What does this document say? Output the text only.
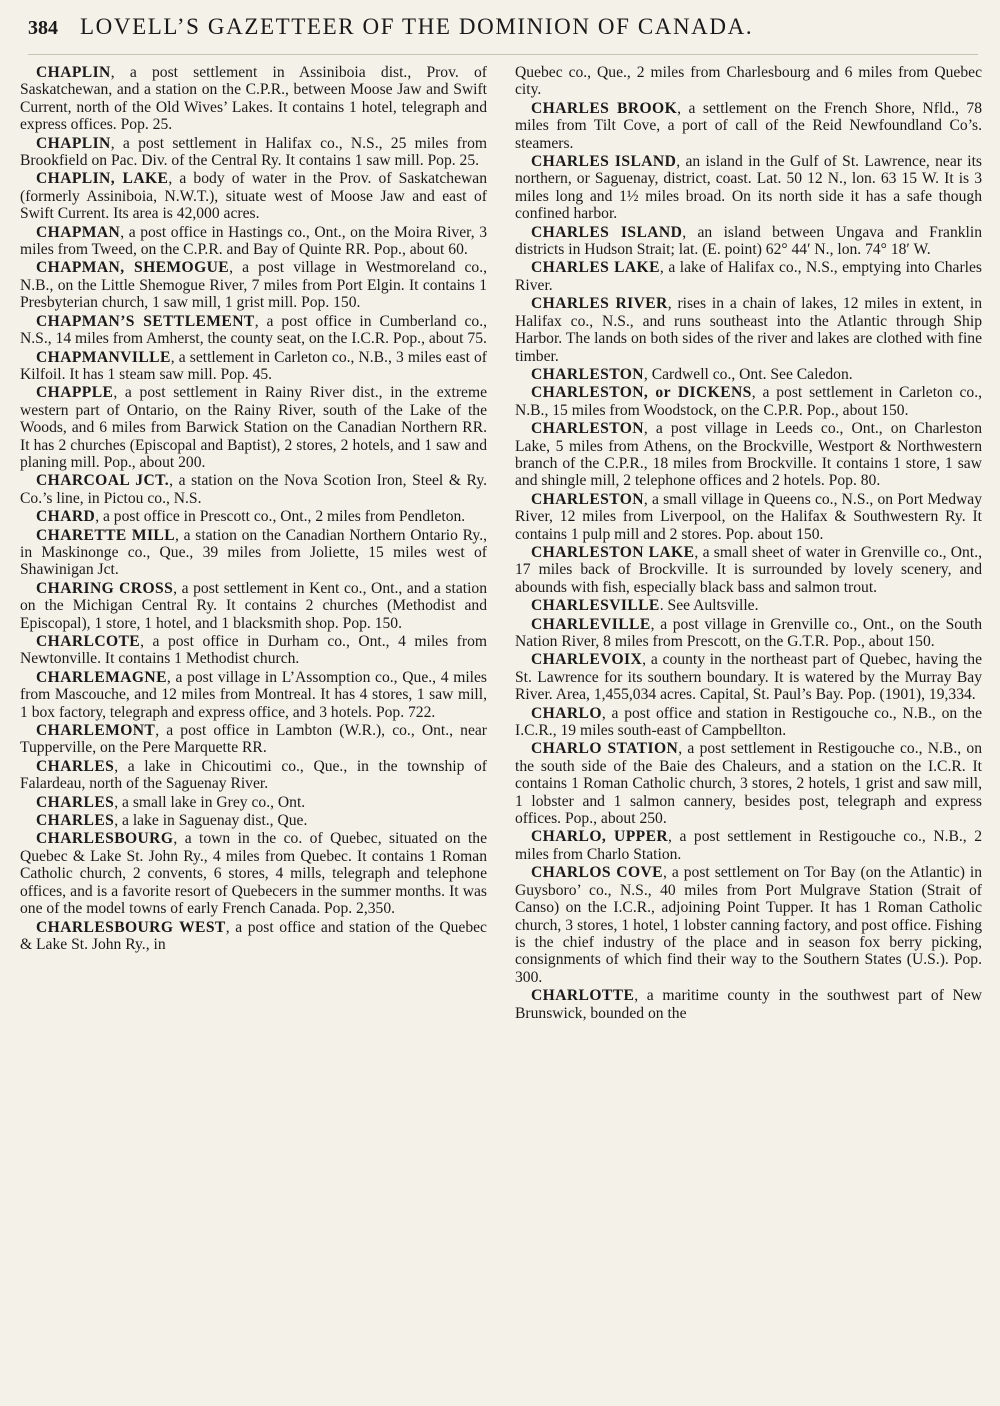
384 LOVELL’S GAZETTEER OF THE DOMINION OF CANADA.

CHAPLIN, a post settlement in Assiniboia dist., Prov. of Saskatchewan, and a station on the C.P.R., between Moose Jaw and Swift Current, north of the Old Wives’ Lakes. It contains 1 hotel, telegraph and express offices. Pop. 25.

CHAPLIN, a post settlement in Halifax co., N.S., 25 miles from Brookfield on Pac. Div. of the Central Ry. It contains 1 saw mill. Pop. 25.

CHAPLIN, LAKE, a body of water in the Prov. of Saskatchewan (formerly Assiniboia, N.W.T.), situate west of Moose Jaw and east of Swift Current. Its area is 42,000 acres.

CHAPMAN, a post office in Hastings co., Ont., on the Moira River, 3 miles from Tweed, on the C.P.R. and Bay of Quinte RR. Pop., about 60.

CHAPMAN, SHEMOGUE, a post village in Westmoreland co., N.B., on the Little Shemogue River, 7 miles from Port Elgin. It contains 1 Presbyterian church, 1 saw mill, 1 grist mill. Pop. 150.

CHAPMAN’S SETTLEMENT, a post office in Cumberland co., N.S., 14 miles from Amherst, the county seat, on the I.C.R. Pop., about 75.

CHAPMANVILLE, a settlement in Carleton co., N.B., 3 miles east of Kilfoil. It has 1 steam saw mill. Pop. 45.

CHAPPLE, a post settlement in Rainy River dist., in the extreme western part of Ontario, on the Rainy River, south of the Lake of the Woods, and 6 miles from Barwick Station on the Canadian Northern RR. It has 2 churches (Episcopal and Baptist), 2 stores, 2 hotels, and 1 saw and planing mill. Pop., about 200.

CHARCOAL JCT., a station on the Nova Scotion Iron, Steel & Ry. Co.’s line, in Pictou co., N.S.

CHARD, a post office in Prescott co., Ont., 2 miles from Pendleton.

CHARETTE MILL, a station on the Canadian Northern Ontario Ry., in Maskinonge co., Que., 39 miles from Joliette, 15 miles west of Shawinigan Jct.

CHARING CROSS, a post settlement in Kent co., Ont., and a station on the Michigan Central Ry. It contains 2 churches (Methodist and Episcopal), 1 store, 1 hotel, and 1 blacksmith shop. Pop. 150.

CHARLCOTE, a post office in Durham co., Ont., 4 miles from Newtonville. It contains 1 Methodist church.

CHARLEMAGNE, a post village in L’Assomption co., Que., 4 miles from Mascouche, and 12 miles from Montreal. It has 4 stores, 1 saw mill, 1 box factory, telegraph and express office, and 3 hotels. Pop. 722.

CHARLEMONT, a post office in Lambton (W.R.), co., Ont., near Tupperville, on the Pere Marquette RR.

CHARLES, a lake in Chicoutimi co., Que., in the township of Falardeau, north of the Saguenay River.

CHARLES, a small lake in Grey co., Ont.

CHARLES, a lake in Saguenay dist., Que.

CHARLESBOURG, a town in the co. of Quebec, situated on the Quebec & Lake St. John Ry., 4 miles from Quebec. It contains 1 Roman Catholic church, 2 convents, 6 stores, 4 mills, telegraph and telephone offices, and is a favorite resort of Quebecers in the summer months. It was one of the model towns of early French Canada. Pop. 2,350.

CHARLESBOURG WEST, a post office and station of the Quebec & Lake St. John Ry., in

Quebec co., Que., 2 miles from Charlesbourg and 6 miles from Quebec city.

CHARLES BROOK, a settlement on the French Shore, Nfld., 78 miles from Tilt Cove, a port of call of the Reid Newfoundland Co’s. steamers.

CHARLES ISLAND, an island in the Gulf of St. Lawrence, near its northern, or Saguenay, district, coast. Lat. 50 12 N., lon. 63 15 W. It is 3 miles long and 1½ miles broad. On its north side it has a safe though confined harbor.

CHARLES ISLAND, an island between Ungava and Franklin districts in Hudson Strait; lat. (E. point) 62° 44′ N., lon. 74° 18′ W.

CHARLES LAKE, a lake of Halifax co., N.S., emptying into Charles River.

CHARLES RIVER, rises in a chain of lakes, 12 miles in extent, in Halifax co., N.S., and runs southeast into the Atlantic through Ship Harbor. The lands on both sides of the river and lakes are clothed with fine timber.

CHARLESTON, Cardwell co., Ont. See Caledon.

CHARLESTON, or DICKENS, a post settlement in Carleton co., N.B., 15 miles from Woodstock, on the C.P.R. Pop., about 150.

CHARLESTON, a post village in Leeds co., Ont., on Charleston Lake, 5 miles from Athens, on the Brockville, Westport & Northwestern branch of the C.P.R., 18 miles from Brockville. It contains 1 store, 1 saw and shingle mill, 2 telephone offices and 2 hotels. Pop. 80.

CHARLESTON, a small village in Queens co., N.S., on Port Medway River, 12 miles from Liverpool, on the Halifax & Southwestern Ry. It contains 1 pulp mill and 2 stores. Pop. about 150.

CHARLESTON LAKE, a small sheet of water in Grenville co., Ont., 17 miles back of Brockville. It is surrounded by lovely scenery, and abounds with fish, especially black bass and salmon trout.

CHARLESVILLE. See Aultsville.

CHARLEVILLE, a post village in Grenville co., Ont., on the South Nation River, 8 miles from Prescott, on the G.T.R. Pop., about 150.

CHARLEVOIX, a county in the northeast part of Quebec, having the St. Lawrence for its southern boundary. It is watered by the Murray Bay River. Area, 1,455,034 acres. Capital, St. Paul’s Bay. Pop. (1901), 19,334.

CHARLO, a post office and station in Restigouche co., N.B., on the I.C.R., 19 miles south-east of Campbellton.

CHARLO STATION, a post settlement in Restigouche co., N.B., on the south side of the Baie des Chaleurs, and a station on the I.C.R. It contains 1 Roman Catholic church, 3 stores, 2 hotels, 1 grist and saw mill, 1 lobster and 1 salmon cannery, besides post, telegraph and express offices. Pop., about 250.

CHARLO, UPPER, a post settlement in Restigouche co., N.B., 2 miles from Charlo Station.

CHARLOS COVE, a post settlement on Tor Bay (on the Atlantic) in Guysboro’ co., N.S., 40 miles from Port Mulgrave Station (Strait of Canso) on the I.C.R., adjoining Point Tupper. It has 1 Roman Catholic church, 3 stores, 1 hotel, 1 lobster canning factory, and post office. Fishing is the chief industry of the place and in season fox berry picking, consignments of which find their way to the Southern States (U.S.). Pop. 300.

CHARLOTTE, a maritime county in the southwest part of New Brunswick, bounded on the
